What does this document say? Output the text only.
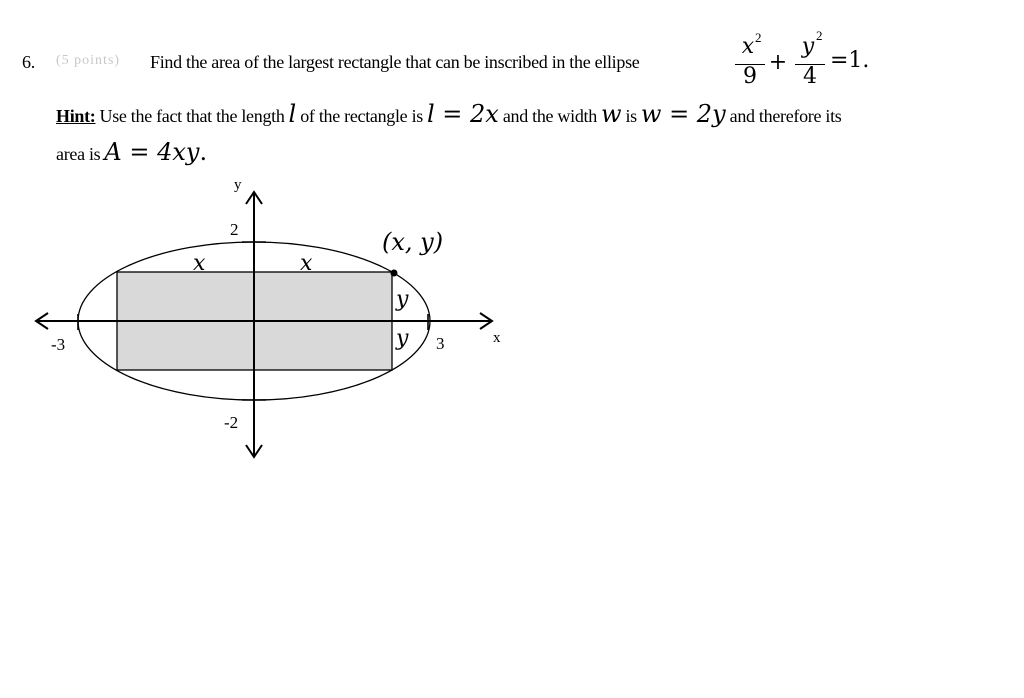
6. (5 points) Find the area of the largest rectangle that can be inscribed in the ellipse
x 2
9
+
y 2
4
=1.
Hint: Use the fact that the length l of the rectangle is l = 2x and the width w is w = 2y and therefore its
area is A = 4xy.
y
x
-3	3
2
-2
x	x
y
y
(x, y)
